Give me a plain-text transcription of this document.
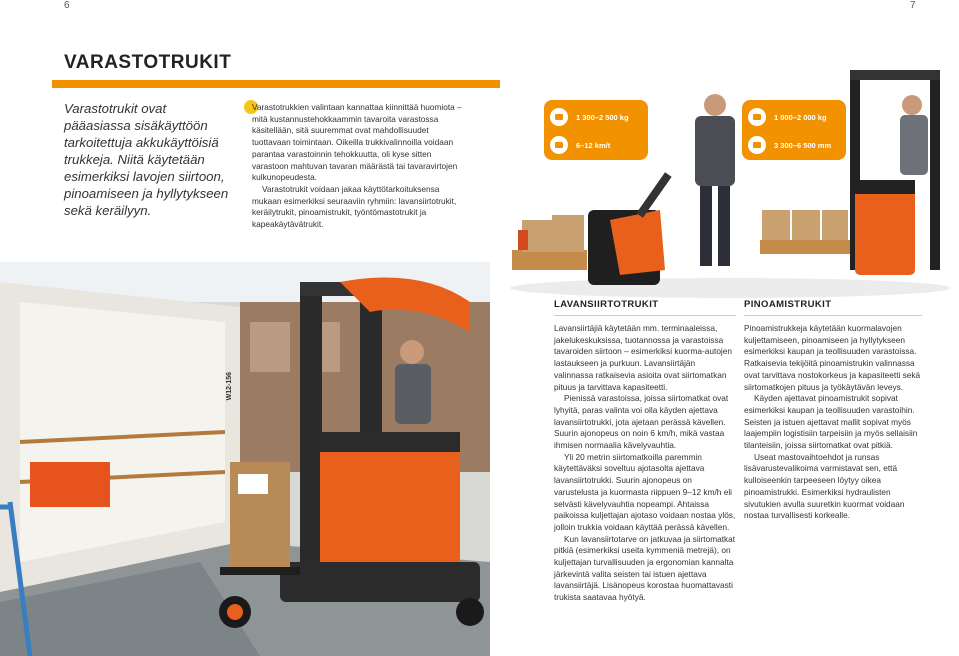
6	7
VARASTOTRUKIT

Varastotrukit ovat pääasiassa sisäkäyttöön tarkoitettuja akkukäyttöisiä trukkeja. Niitä käytetään esimerkiksi lavojen siirtoon, pinoamiseen ja hyllytykseen sekä keräilyyn.

Varastotrukkien valintaan kannattaa kiinnittää huomiota – mitä kustannustehokkaammin tavaroita varastossa käsitellään, sitä suuremmat ovat mahdollisuudet tuottavaan toimintaan. Oikeilla trukkivalinnoilla voidaan parantaa varastoinnin tehokkuutta, oli kyse sitten varastoon mahtuvan tavaran määrästä tai tavaravirtojen kulkunopeudesta.

Varastotrukit voidaan jakaa käyttötarkoituksensa mukaan esimerkiksi seuraaviin ryhmiin: lavansiirtotrukit, keräilytrukit, pinoamistrukit, työntömastotrukit ja kapeakäytävätrukit.

W12-156
1 300–2 500 kg
6–12 km/t
1 000–2 000 kg
3 300–6 500 mm
LAVANSIIRTOTRUKIT	PINOAMISTRUKIT

Lavansiirtäjiä käytetään mm. terminaaleissa, jakelukeskuksissa, tuotannossa ja varastoissa tavaroiden siirtoon – esimerkiksi kuorma-autojen lastaukseen ja purkuun. Lavansiirtäjän valinnassa ratkaisevia asioita ovat siirtomatkan pituus ja tarvittava kapasiteetti.

Pienissä varastoissa, joissa siirtomatkat ovat lyhyitä, paras valinta voi olla käyden ajettava lavansiirtotrukki, jota ajetaan perässä kävellen. Suurin ajonopeus on noin 6 km/h, mikä vastaa ihmisen normaalia kävelyvauhtia.

Yli 20 metrin siirtomatkoilla paremmin käytettäväksi soveltuu ajotasolta ajettava lavansiirtotrukki. Suurin ajonopeus on varustelusta ja kuormasta riippuen 9–12 km/h eli selvästi kävelyvauhtia nopeampi. Ahtaissa paikoissa kuljettajan ajotaso voidaan nostaa ylös, jolloin trukkia voidaan käyttää perässä kävellen.

Kun lavansiirtotarve on jatkuvaa ja siirtomatkat pitkiä (esimerkiksi useita kymmeniä metrejä), on kuljettajan turvallisuuden ja ergonomian kannalta järkevintä valita seisten tai istuen ajettava lavansiirtäjä. Lisänopeus korostaa huomattavasti trukista saatavaa hyötyä.

Pinoamistrukkeja käytetään kuormalavojen kuljettamiseen, pinoamiseen ja hyllytykseen esimerkiksi kaupan ja teollisuuden varastoissa. Ratkaisevia tekijöitä pinoamistrukin valinnassa ovat tarvittava nostokorkeus ja kapasiteetti sekä siirtomatkojen pituus ja työkäytävän leveys.

Käyden ajettavat pinoamistrukit sopivat esimerkiksi kaupan ja teollisuuden varastoihin. Seisten ja istuen ajettavat mallit sopivat myös laajempiin logistisiin tarpeisiin ja myös sellaisiin tilanteisiin, joissa siirtomatkat ovat pitkiä.

Useat mastovaihtoehdot ja runsas lisävarustevalikoima varmistavat sen, että kulloiseenkin tarpeeseen löytyy oikea pinoamistrukki. Esimerkiksi hydraulisten sivutukien avulla suuretkin kuormat voidaan nostaa turvallisesti korkealle.
